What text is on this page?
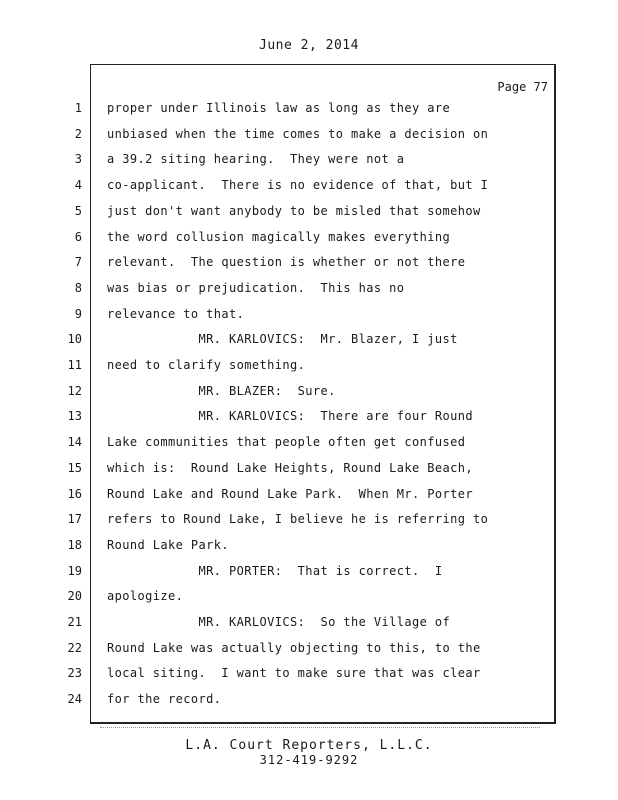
June 2, 2014
Page 77
1 proper under Illinois law as long as they are
2 unbiased when the time comes to make a decision on
3 a 39.2 siting hearing.  They were not a
4 co-applicant.  There is no evidence of that, but I
5 just don't want anybody to be misled that somehow
6 the word collusion magically makes everything
7 relevant.  The question is whether or not there
8 was bias or prejudication.  This has no
9 relevance to that.
10 MR. KARLOVICS:  Mr. Blazer, I just
11 need to clarify something.
12 MR. BLAZER:  Sure.
13 MR. KARLOVICS:  There are four Round
14 Lake communities that people often get confused
15 which is:  Round Lake Heights, Round Lake Beach,
16 Round Lake and Round Lake Park.  When Mr. Porter
17 refers to Round Lake, I believe he is referring to
18 Round Lake Park.
19 MR. PORTER:  That is correct.  I
20 apologize.
21 MR. KARLOVICS:  So the Village of
22 Round Lake was actually objecting to this, to the
23 local siting.  I want to make sure that was clear
24 for the record.
L.A. Court Reporters, L.L.C.
312-419-9292
